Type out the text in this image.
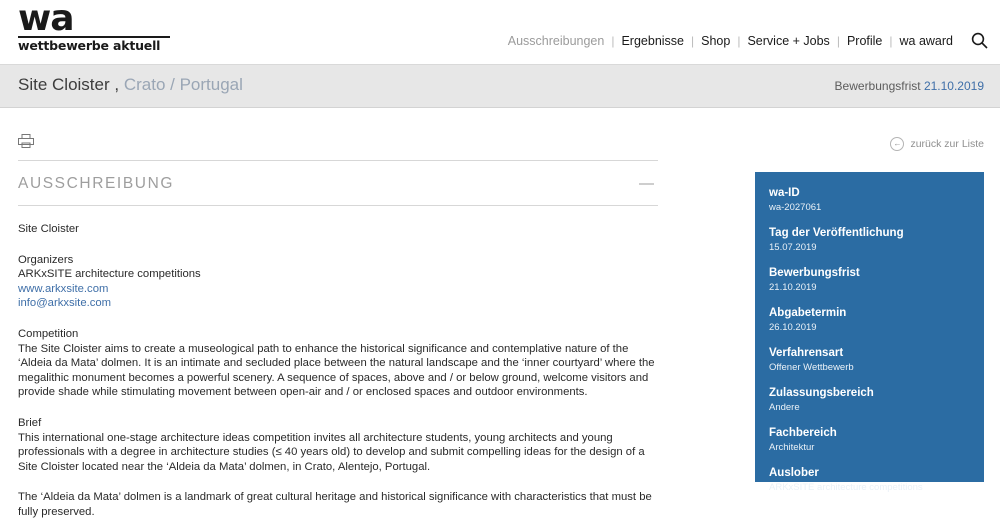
wa
wettbewerbe aktuell	Ausschreibungen | Ergebnisse | Shop | Service + Jobs | Profile | wa award
Site Cloister , Crato / Portugal	Bewerbungsfrist 21.10.2019
AUSSCHREIBUNG	—
Site Cloister
Organizers
ARKxSITE architecture competitions
www.arkxsite.com
info@arkxsite.com
Competition
The Site Cloister aims to create a museological path to enhance the historical significance and contemplative nature of the ‘Aldeia da Mata’ dolmen. It is an intimate and secluded place between the natural landscape and the ‘inner courtyard’ where the megalithic monument becomes a powerful scenery. A sequence of spaces, above and / or below ground, welcome visitors and provide shade while stimulating movement between open-air and / or enclosed spaces and outdoor environments.
Brief
This international one-stage architecture ideas competition invites all architecture students, young architects and young professionals with a degree in architecture studies (≤ 40 years old) to develop and submit compelling ideas for the design of a Site Cloister located near the ‘Aldeia da Mata’ dolmen, in Crato, Alentejo, Portugal.
The ‘Aldeia da Mata’ dolmen is a landmark of great cultural heritage and historical significance with characteristics that must be fully preserved.
← zurück zur Liste
wa-ID
wa-2027061
Tag der Veröffentlichung
15.07.2019
Bewerbungsfrist
21.10.2019
Abgabetermin
26.10.2019
Verfahrensart
Offener Wettbewerb
Zulassungsbereich
Andere
Fachbereich
Architektur
Auslober
ARKxSITE architecture competitions
